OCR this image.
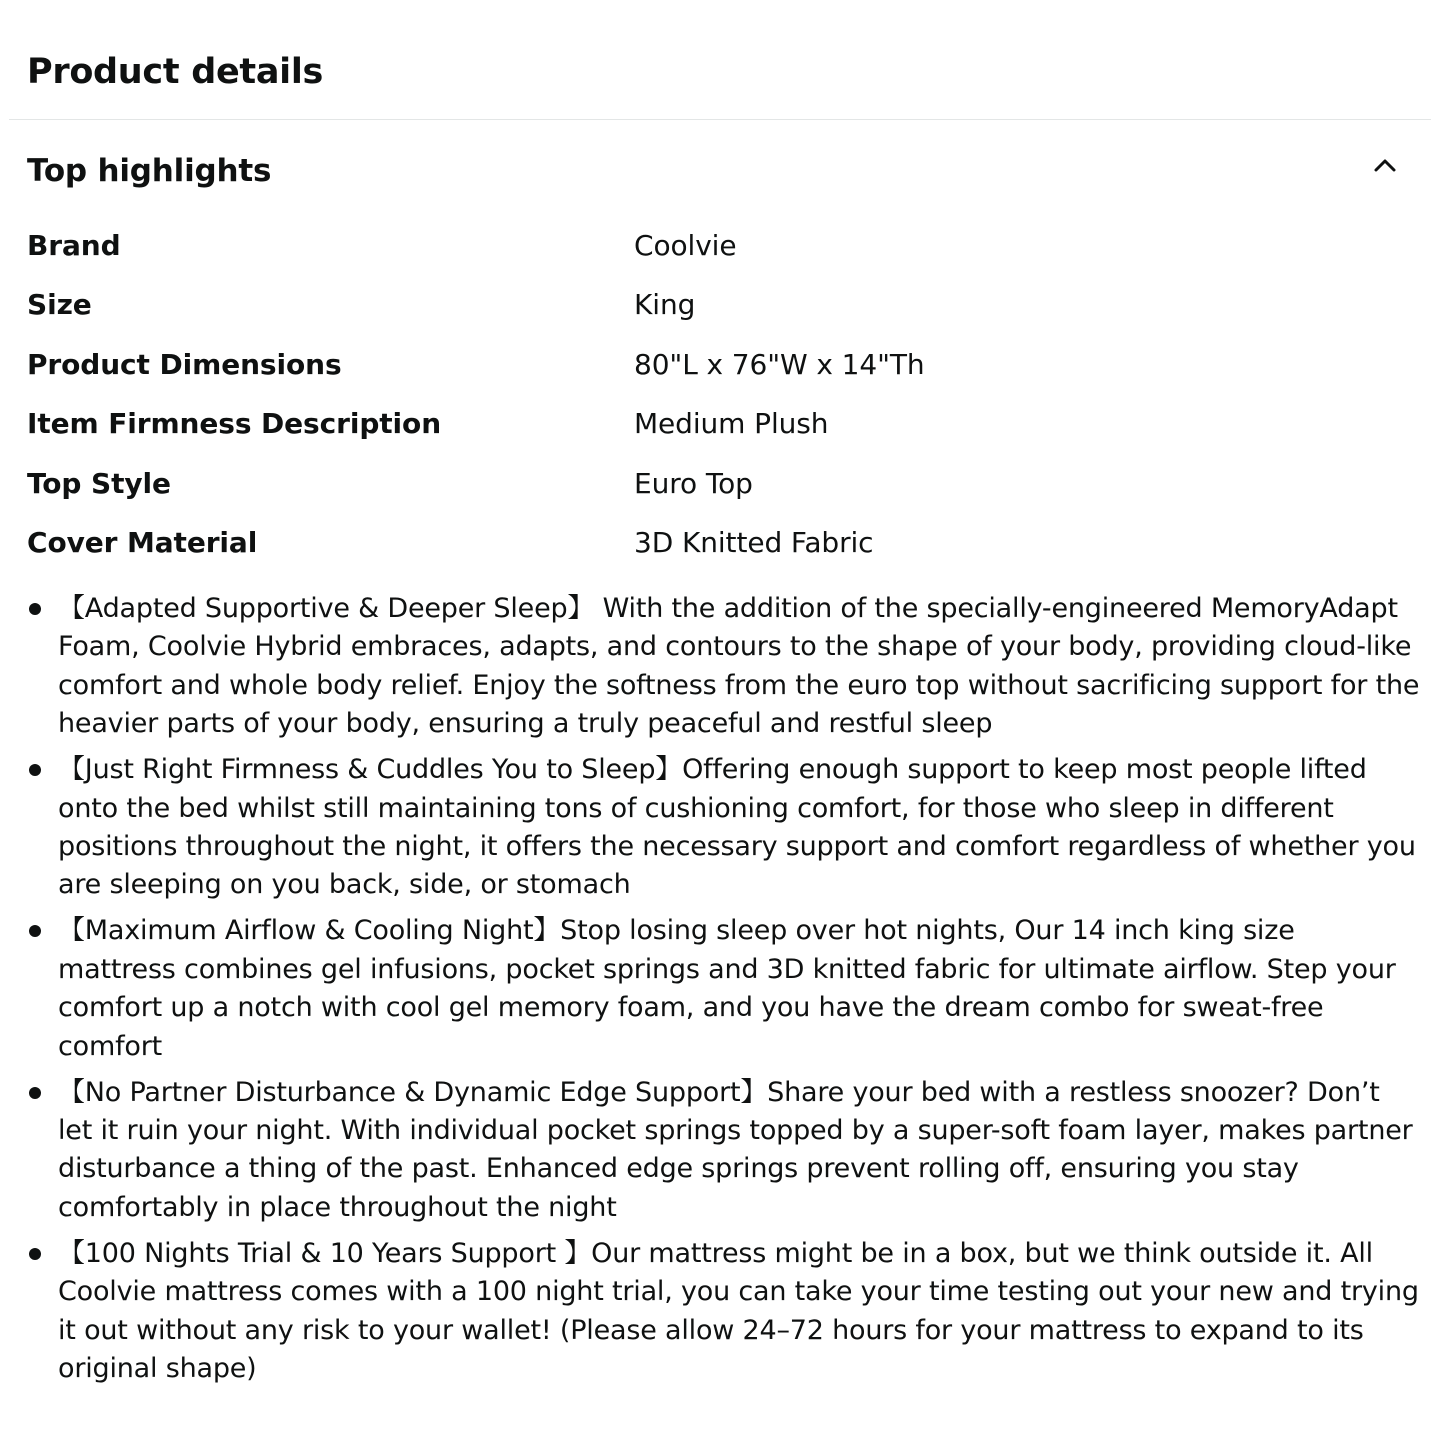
Product details
Top highlights
Brand	Coolvie
Size	King
Product Dimensions	80"L x 76"W x 14"Th
Item Firmness Description	Medium Plush
Top Style	Euro Top
Cover Material	3D Knitted Fabric
【Adapted Supportive & Deeper Sleep】 With the addition of the specially-engineered MemoryAdapt Foam, Coolvie Hybrid embraces, adapts, and contours to the shape of your body, providing cloud-like comfort and whole body relief. Enjoy the softness from the euro top without sacrificing support for the heavier parts of your body, ensuring a truly peaceful and restful sleep
【Just Right Firmness & Cuddles You to Sleep】Offering enough support to keep most people lifted onto the bed whilst still maintaining tons of cushioning comfort, for those who sleep in different positions throughout the night, it offers the necessary support and comfort regardless of whether you are sleeping on you back, side, or stomach
【Maximum Airflow & Cooling Night】Stop losing sleep over hot nights, Our 14 inch king size mattress combines gel infusions, pocket springs and 3D knitted fabric for ultimate airflow. Step your comfort up a notch with cool gel memory foam, and you have the dream combo for sweat-free comfort
【No Partner Disturbance & Dynamic Edge Support】Share your bed with a restless snoozer? Don’t let it ruin your night. With individual pocket springs topped by a super-soft foam layer, makes partner disturbance a thing of the past. Enhanced edge springs prevent rolling off, ensuring you stay comfortably in place throughout the night
【100 Nights Trial & 10 Years Support 】Our mattress might be in a box, but we think outside it. All Coolvie mattress comes with a 100 night trial, you can take your time testing out your new and trying it out without any risk to your wallet! (Please allow 24–72 hours for your mattress to expand to its original shape)
